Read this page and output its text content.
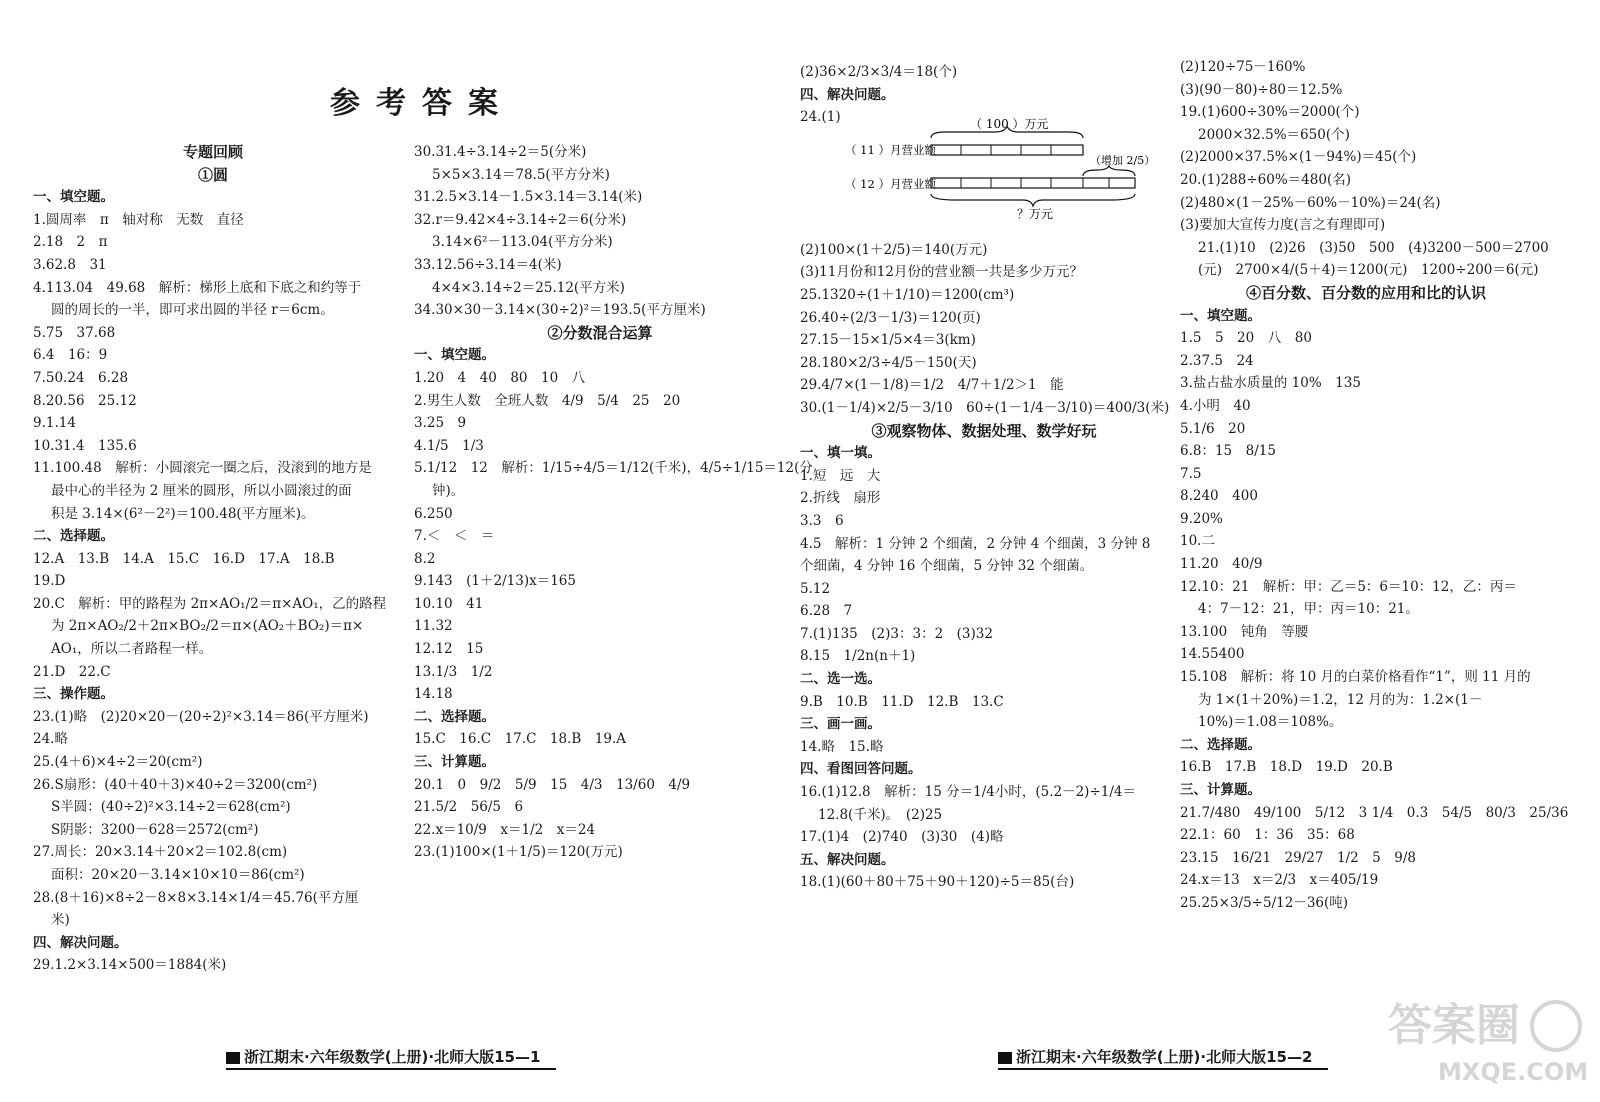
参考答案
专题回顾
①圆
一、填空题。
1.圆周率　π　轴对称　无数　直径
2.18　2　π
3.62.8　31
4.113.04　49.68　解析：梯形上底和下底之和约等于
圆的周长的一半，即可求出圆的半径 r＝6cm。
5.75　37.68
6.4　16：9
7.50.24　6.28
8.20.56　25.12
9.1.14
10.31.4　135.6
11.100.48　解析：小圆滚完一圈之后，没滚到的地方是
最中心的半径为 2 厘米的圆形，所以小圆滚过的面
积是 3.14×(6²－2²)＝100.48(平方厘米)。
二、选择题。
12.A　13.B　14.A　15.C　16.D　17.A　18.B
19.D
20.C　解析：甲的路程为 2π×AO₁/2＝π×AO₁，乙的路程
为 2π×AO₂/2＋2π×BO₂/2＝π×(AO₂＋BO₂)＝π×
AO₁，所以二者路程一样。
21.D　22.C
三、操作题。
23.(1)略　(2)20×20－(20÷2)²×3.14＝86(平方厘米)
24.略
25.(4＋6)×4÷2＝20(cm²)
26.S扇形：(40＋40＋3)×40÷2＝3200(cm²)
S半圆：(40÷2)²×3.14÷2＝628(cm²)
S阴影：3200－628＝2572(cm²)
27.周长：20×3.14＋20×2＝102.8(cm)
面积：20×20－3.14×10×10＝86(cm²)
28.(8＋16)×8÷2－8×8×3.14×1/4＝45.76(平方厘
米)
四、解决问题。
29.1.2×3.14×500＝1884(米)
30.31.4÷3.14÷2＝5(分米)
5×5×3.14＝78.5(平方分米)
31.2.5×3.14－1.5×3.14＝3.14(米)
32.r＝9.42×4÷3.14÷2＝6(分米)
3.14×6²－113.04(平方分米)
33.12.56÷3.14＝4(米)
4×4×3.14÷2＝25.12(平方米)
34.30×30－3.14×(30÷2)²＝193.5(平方厘米)
②分数混合运算
一、填空题。
1.20　4　40　80　10　八
2.男生人数　全班人数　4/9　5/4　25　20
3.25　9
4.1/5　1/3
5.1/12　12　解析：1/15÷4/5＝1/12(千米)，4/5÷1/15＝12(分
钟)。
6.250
7.＜　＜　＝
8.2
9.143　(1＋2/13)x＝165
10.10　41
11.32
12.12　15
13.1/3　1/2
14.18
二、选择题。
15.C　16.C　17.C　18.B　19.A
三、计算题。
20.1　0　9/2　5/9　15　4/3　13/60　4/9
21.5/2　56/5　6
22.x＝10/9　x＝1/2　x＝24
23.(1)100×(1＋1/5)＝120(万元)
(2)36×2/3×3/4＝18(个)
四、解决问题。
24.(1)
(2)100×(1＋2/5)＝140(万元)
(3)11月份和12月份的营业额一共是多少万元？
25.1320÷(1＋1/10)＝1200(cm³)
26.40÷(2/3－1/3)＝120(页)
27.15－15×1/5×4＝3(km)
28.180×2/3÷4/5－150(天)
29.4/7×(1－1/8)＝1/2　4/7＋1/2＞1　能
30.(1－1/4)×2/5－3/10　60÷(1－1/4－3/10)＝400/3(米)
③观察物体、数据处理、数学好玩
一、填一填。
1.短　远　大
2.折线　扇形
3.3　6
4.5　解析：1 分钟 2 个细菌，2 分钟 4 个细菌，3 分钟 8
个细菌，4 分钟 16 个细菌，5 分钟 32 个细菌。
5.12
6.28　7
7.(1)135　(2)3：3：2　(3)32
8.15　1/2n(n＋1)
二、选一选。
9.B　10.B　11.D　12.B　13.C
三、画一画。
14.略　15.略
四、看图回答问题。
16.(1)12.8　解析：15 分＝1/4小时，(5.2－2)÷1/4＝
12.8(千米)。　(2)25
17.(1)4　(2)740　(3)30　(4)略
五、解决问题。
18.(1)(60＋80＋75＋90＋120)÷5＝85(台)
(2)120÷75－160%
(3)(90－80)÷80＝12.5%
19.(1)600÷30%＝2000(个)
2000×32.5%＝650(个)
(2)2000×37.5%×(1－94%)＝45(个)
20.(1)288÷60%＝480(名)
(2)480×(1－25%－60%－10%)＝24(名)
(3)要加大宣传力度(言之有理即可)
21.(1)10　(2)26　(3)50　500　(4)3200－500＝2700
(元)　2700×4/(5＋4)＝1200(元)　1200÷200＝6(元)
④百分数、百分数的应用和比的认识
一、填空题。
1.5　5　20　八　80
2.37.5　24
3.盐占盐水质量的 10%　135
4.小明　40
5.1/6　20
6.8：15　8/15
7.5
8.240　400
9.20%
10.二
11.20　40/9
12.10：21　解析：甲：乙＝5：6＝10：12，乙：丙＝
4：7－12：21，甲：丙＝10：21。
13.100　钝角　等腰
14.55400
15.108　解析：将 10 月的白菜价格看作“1”，则 11 月的
为 1×(1＋20%)＝1.2，12 月的为：1.2×(1－
10%)＝1.08＝108%。
二、选择题。
16.B　17.B　18.D　19.D　20.B
三、计算题。
21.7/480　49/100　5/12　3 1/4　0.3　54/5　80/3　25/36
22.1：60　1：36　35：68
23.15　16/21　29/27　1/2　5　9/8
24.x＝13　x＝2/3　x＝405/19
25.25×3/5÷5/12－36(吨)
（ 100 ）万元
（ 11 ）月营业额
（增加 2/5）
（ 12 ）月营业额
？万元
浙江期末·六年级数学(上册)·北师大版15—1	浙江期末·六年级数学(上册)·北师大版15—2
答案圈
MXQE.COM
